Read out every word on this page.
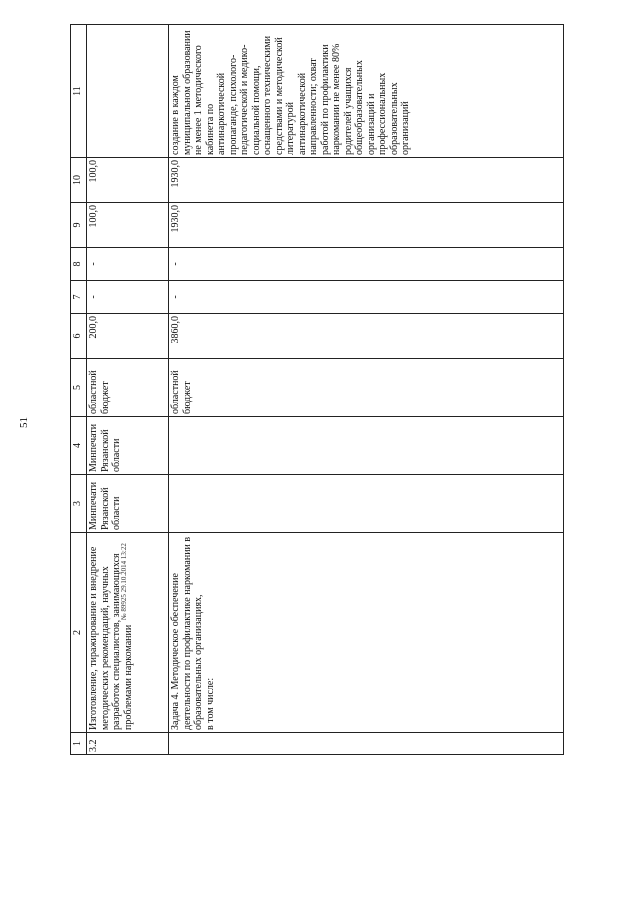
51
№ 89925 29.10.2014 13:22
1	2	3	4	5	6	7	8	9	10	11
3.2	Изготовление, тиражирование и внедрение методических рекомендаций, научных разработок специалистов, занимающихся проблемами наркомании	Минпечати Рязанской области	Минпечати Рязанской области	областной бюджет	200,0	-	-	100,0	100,0	
	Задача 4. Методическое обеспечение деятельности по профилактике наркомании в образовательных организациях,
в том числе:			областной бюджет	3860,0	-	-	1930,0	1930,0	создание в каждом муниципальном образовании не менее 1 методического кабинета по антинаркотической пропаганде, психолого-педагогической и медико-социальной помощи, оснащенного техническими средствами и методической литературой антинаркотической направленности; охват работой по профилактики наркомании не менее 80% родителей учащихся общеобразовательных организаций и профессиональных образовательных организаций
